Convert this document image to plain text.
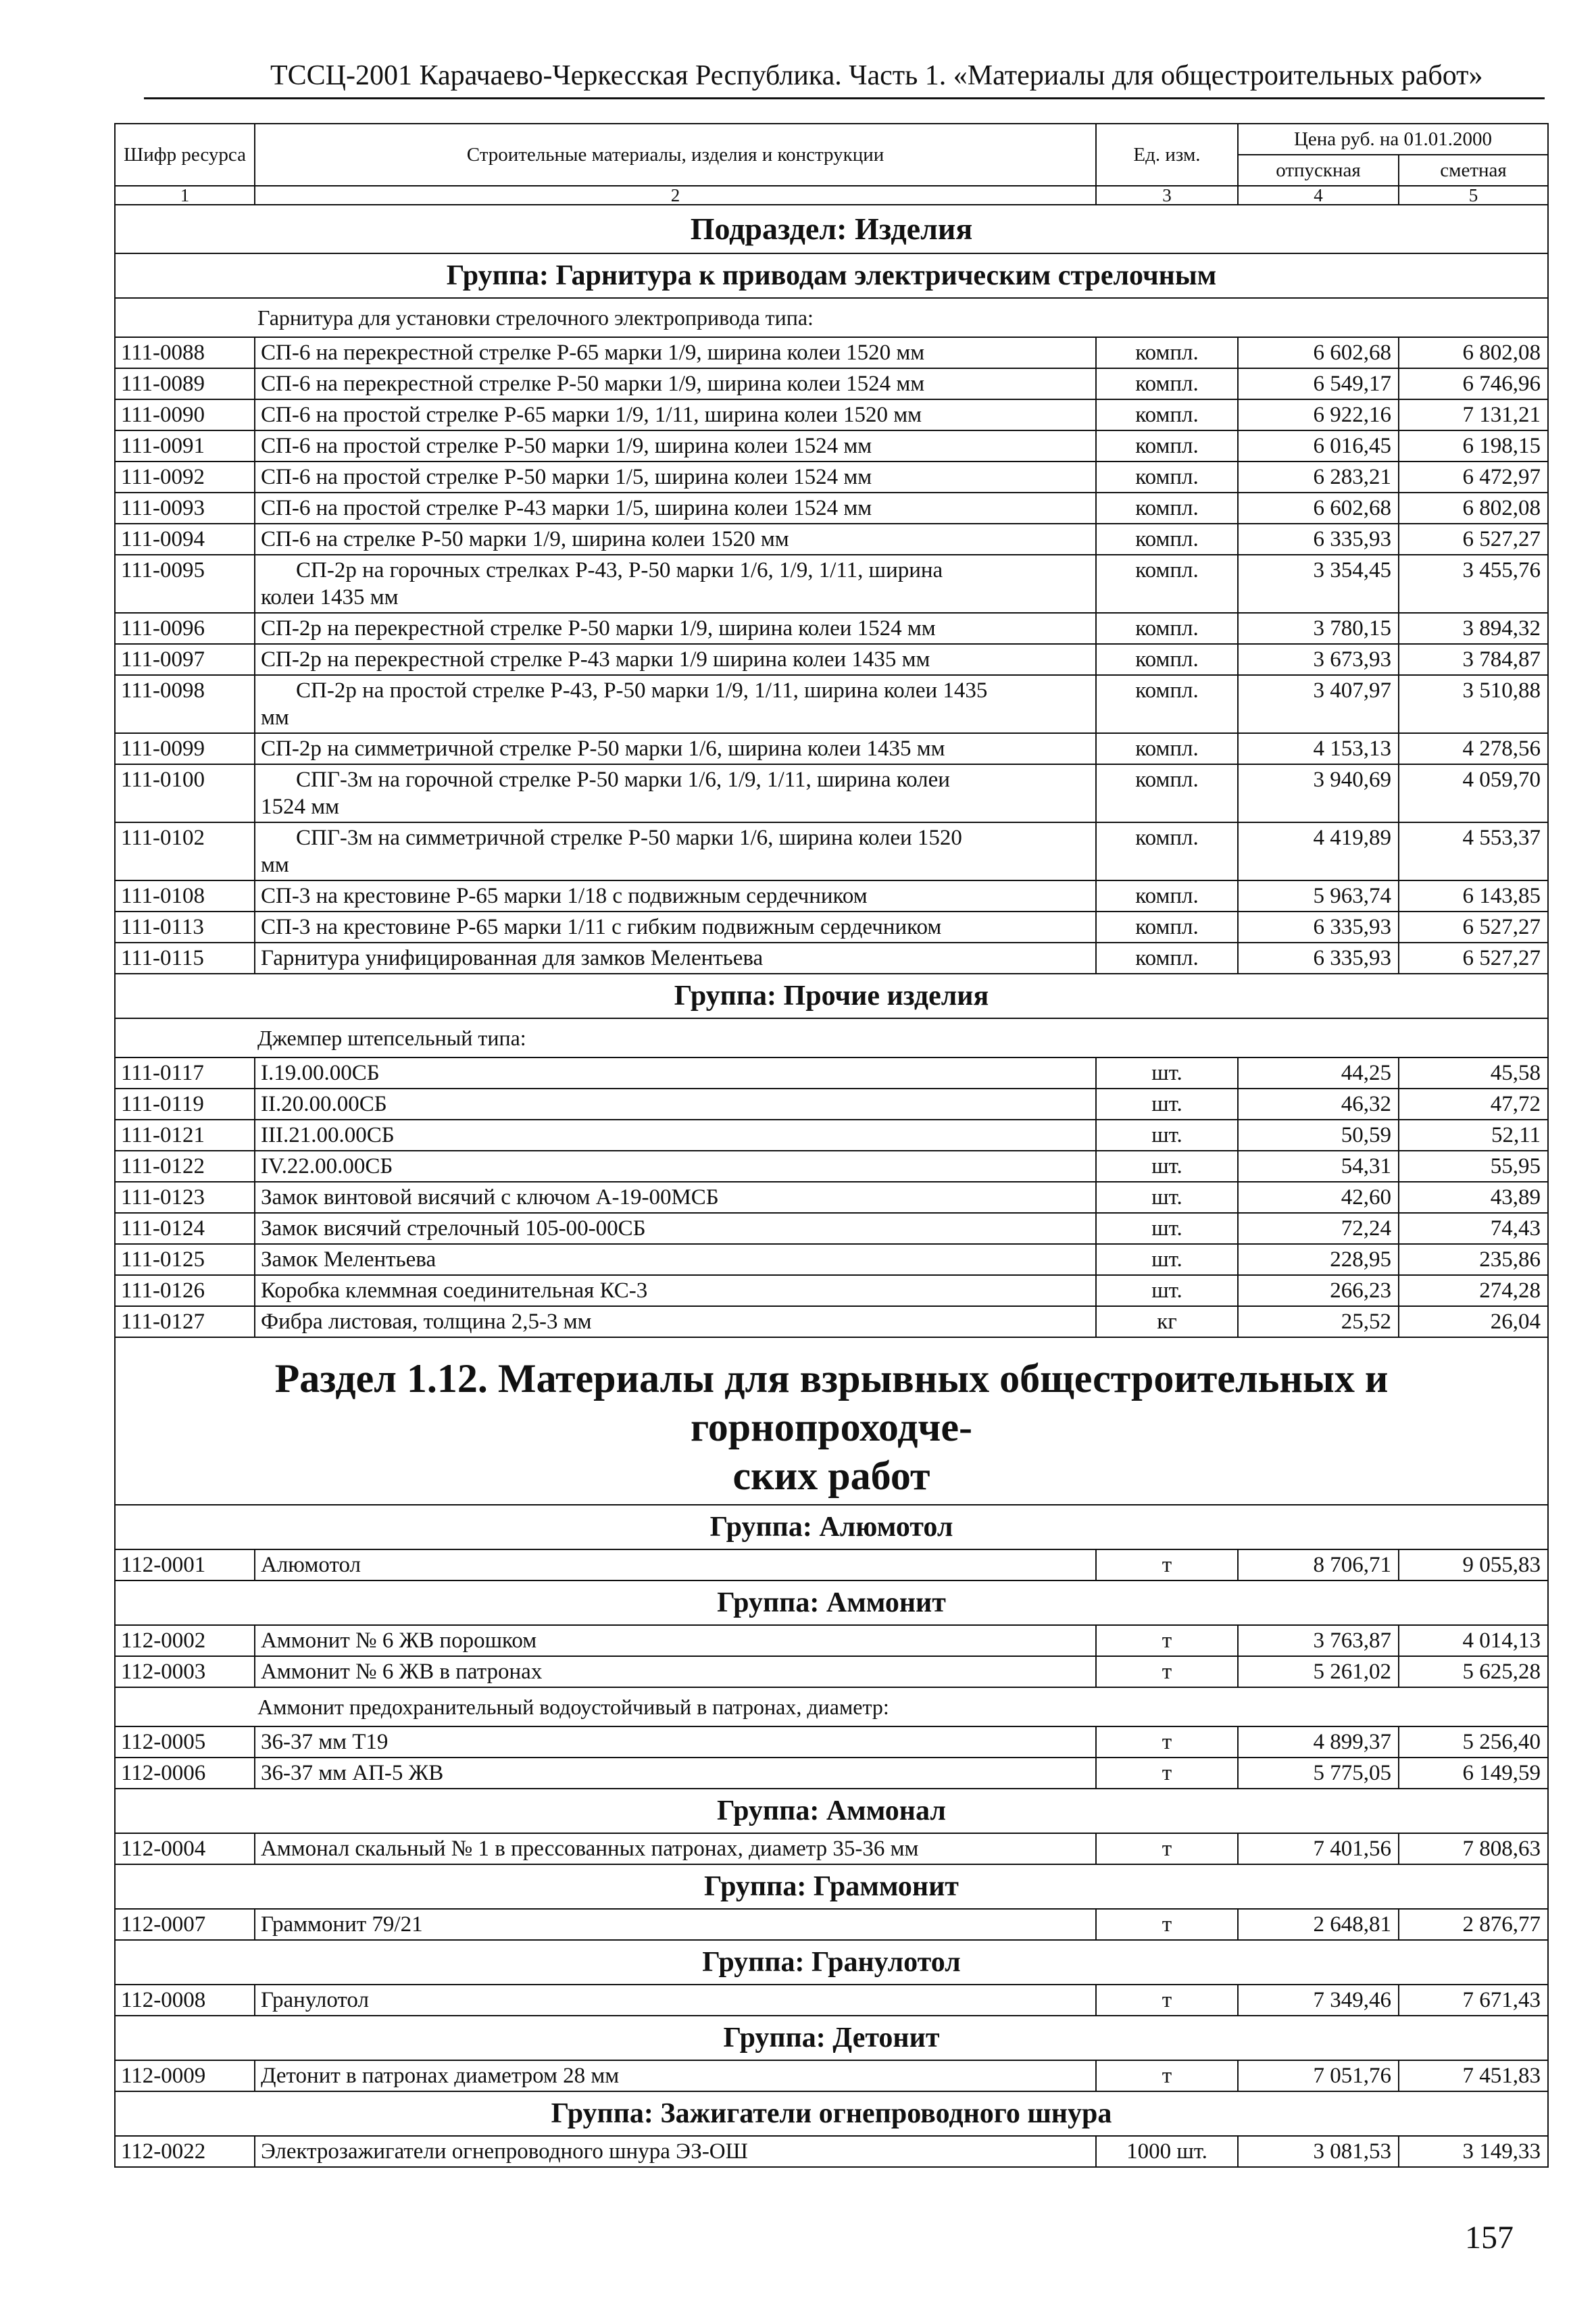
ТССЦ-2001 Карачаево-Черкесская Республика. Часть 1. «Материалы для общестроительных работ»
Шифр ресурса	Строительные материалы, изделия и конструкции	Ед. изм.	Цена руб. на 01.01.2000	
			отпускная	сметная
1	2	3	4	5
Подраздел: Изделия				
Группа: Гарнитура к приводам электрическим стрелочным				
Гарнитура для установки стрелочного электропривода типа:				
111-0088	СП-6 на перекрестной стрелке Р-65 марки 1/9, ширина колеи 1520 мм	компл.	6 602,68	6 802,08
111-0089	СП-6 на перекрестной стрелке Р-50 марки 1/9, ширина колеи 1524 мм	компл.	6 549,17	6 746,96
111-0090	СП-6 на простой стрелке Р-65 марки 1/9, 1/11, ширина колеи 1520 мм	компл.	6 922,16	7 131,21
111-0091	СП-6 на простой стрелке Р-50 марки 1/9, ширина колеи 1524 мм	компл.	6 016,45	6 198,15
111-0092	СП-6 на простой стрелке Р-50 марки 1/5, ширина колеи 1524 мм	компл.	6 283,21	6 472,97
111-0093	СП-6 на простой стрелке Р-43 марки 1/5, ширина колеи 1524 мм	компл.	6 602,68	6 802,08
111-0094	СП-6 на стрелке Р-50 марки 1/9, ширина колеи 1520 мм	компл.	6 335,93	6 527,27
111-0095	СП-2р на горочных стрелках Р-43, Р-50 марки 1/6, 1/9, 1/11, ширина
колеи 1435 мм	компл.	3 354,45	3 455,76
111-0096	СП-2р на перекрестной стрелке Р-50 марки 1/9, ширина колеи 1524 мм	компл.	3 780,15	3 894,32
111-0097	СП-2р на перекрестной стрелке Р-43 марки 1/9 ширина колеи 1435 мм	компл.	3 673,93	3 784,87
111-0098	СП-2р на простой стрелке Р-43, Р-50 марки 1/9, 1/11, ширина колеи 1435
мм	компл.	3 407,97	3 510,88
111-0099	СП-2р на симметричной стрелке Р-50 марки 1/6, ширина колеи 1435 мм	компл.	4 153,13	4 278,56
111-0100	СПГ-3м на горочной стрелке Р-50 марки 1/6, 1/9, 1/11, ширина колеи
1524 мм	компл.	3 940,69	4 059,70
111-0102	СПГ-3м на симметричной стрелке Р-50 марки 1/6, ширина колеи 1520
мм	компл.	4 419,89	4 553,37
111-0108	СП-3 на крестовине Р-65 марки 1/18 с подвижным сердечником	компл.	5 963,74	6 143,85
111-0113	СП-3 на крестовине Р-65 марки 1/11 с гибким подвижным сердечником	компл.	6 335,93	6 527,27
111-0115	Гарнитура унифицированная для замков Мелентьева	компл.	6 335,93	6 527,27
Группа: Прочие изделия				
Джемпер штепсельный типа:				
111-0117	I.19.00.00СБ	шт.	44,25	45,58
111-0119	II.20.00.00СБ	шт.	46,32	47,72
111-0121	III.21.00.00СБ	шт.	50,59	52,11
111-0122	IV.22.00.00СБ	шт.	54,31	55,95
111-0123	Замок винтовой висячий с ключом А-19-00МСБ	шт.	42,60	43,89
111-0124	Замок висячий стрелочный 105-00-00СБ	шт.	72,24	74,43
111-0125	Замок Мелентьева	шт.	228,95	235,86
111-0126	Коробка клеммная соединительная КС-3	шт.	266,23	274,28
111-0127	Фибра листовая, толщина 2,5-3 мм	кг	25,52	26,04

Раздел 1.12. Материалы для взрывных общестроительных и горнопроходче-
ских работ				

Группа: Алюмотол				
112-0001	Алюмотол	т	8 706,71	9 055,83
Группа: Аммонит				
112-0002	Аммонит № 6 ЖВ порошком	т	3 763,87	4 014,13
112-0003	Аммонит № 6 ЖВ в патронах	т	5 261,02	5 625,28
Аммонит предохранительный водоустойчивый в патронах, диаметр:				
112-0005	36-37 мм Т19	т	4 899,37	5 256,40
112-0006	36-37 мм АП-5 ЖВ	т	5 775,05	6 149,59
Группа: Аммонал				
112-0004	Аммонал скальный № 1 в прессованных патронах, диаметр 35-36 мм	т	7 401,56	7 808,63
Группа: Граммонит				
112-0007	Граммонит 79/21	т	2 648,81	2 876,77
Группа: Гранулотол				
112-0008	Гранулотол	т	7 349,46	7 671,43
Группа: Детонит				
112-0009	Детонит в патронах диаметром 28 мм	т	7 051,76	7 451,83
Группа: Зажигатели огнепроводного шнура				
112-0022	Электрозажигатели огнепроводного шнура ЭЗ-ОШ	1000 шт.	3 081,53	3 149,33
157
